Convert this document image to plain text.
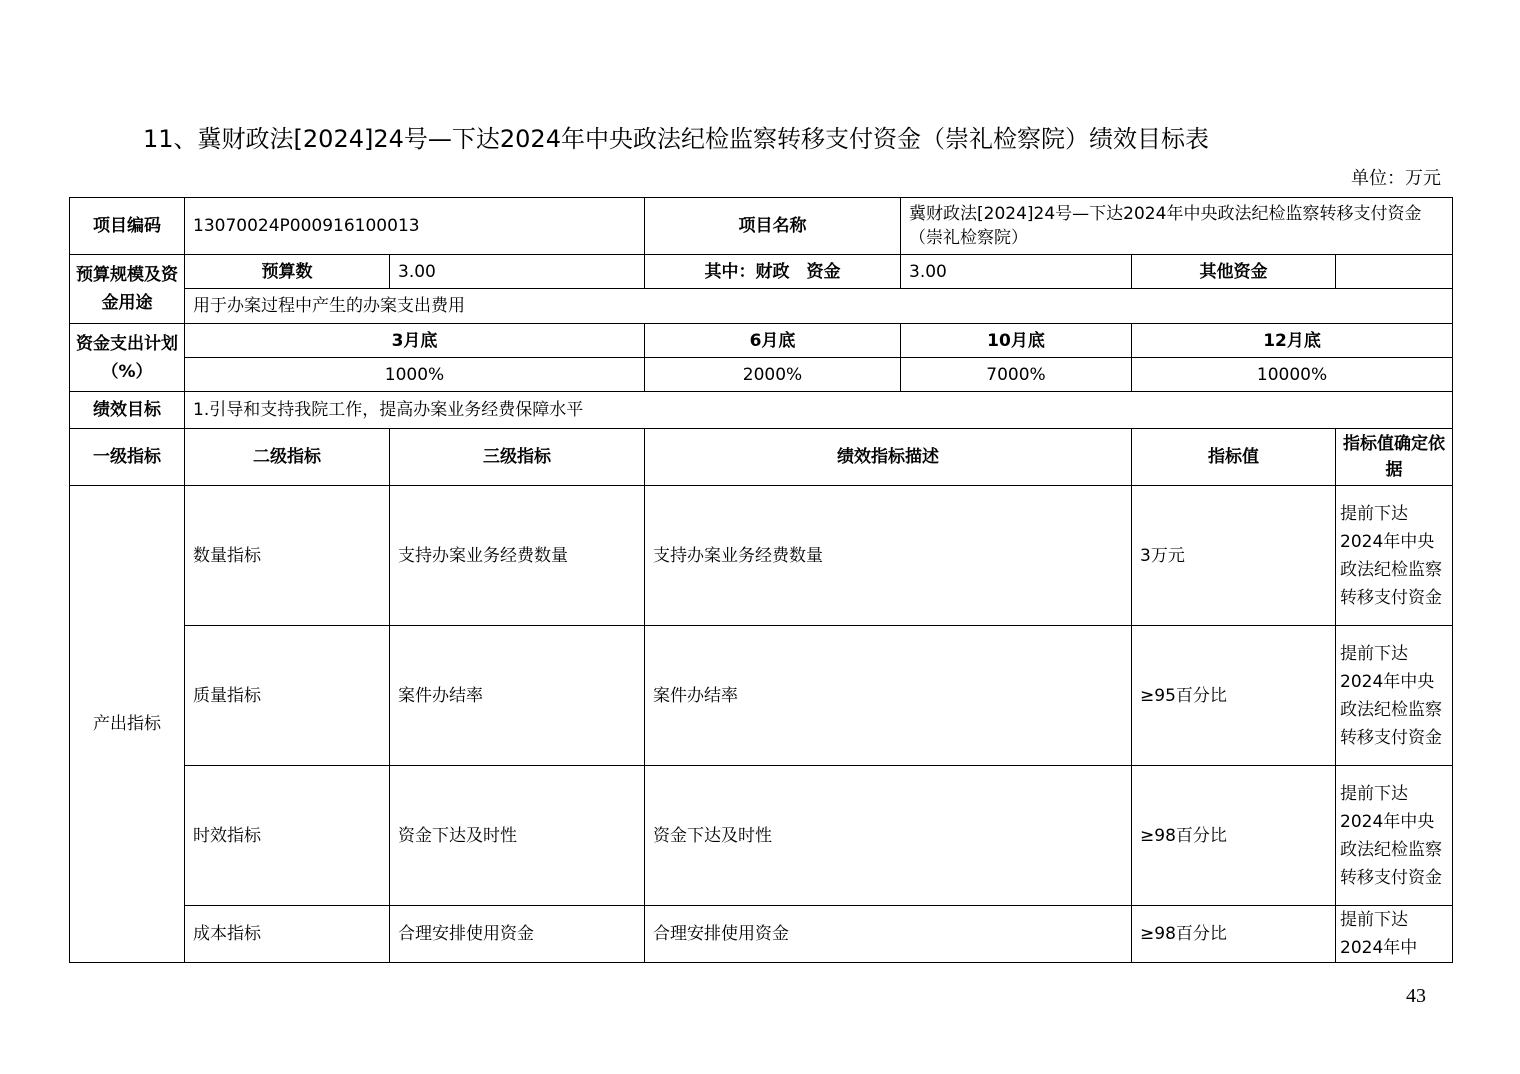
11、冀财政法[2024]24号—下达2024年中央政法纪检监察转移支付资金（崇礼检察院）绩效目标表
单位：万元
项目编码	13070024P000916100013		项目名称	冀财政法[2024]24号—下达2024年中央政法纪检监察转移支付资金（崇礼检察院）		
预算规模及资金用途	预算数	3.00	其中：财政　资金	3.00	其他资金	
	用于办案过程中产生的办案支出费用					
资金支出计划（%）	3月底		6月底	10月底	12月底	
	1000%		2000%	7000%	10000%	
绩效目标	1.引导和支持我院工作，提高办案业务经费保障水平					
一级指标	二级指标	三级指标	绩效指标描述		指标值	指标值确定依据
产出指标	数量指标	支持办案业务经费数量	支持办案业务经费数量		3万元	提前下达2024年中央政法纪检监察转移支付资金
	质量指标	案件办结率	案件办结率		≥95百分比	提前下达2024年中央政法纪检监察转移支付资金
	时效指标	资金下达及时性	资金下达及时性		≥98百分比	提前下达2024年中央政法纪检监察转移支付资金
	成本指标	合理安排使用资金	合理安排使用资金		≥98百分比	提前下达2024年中
43
